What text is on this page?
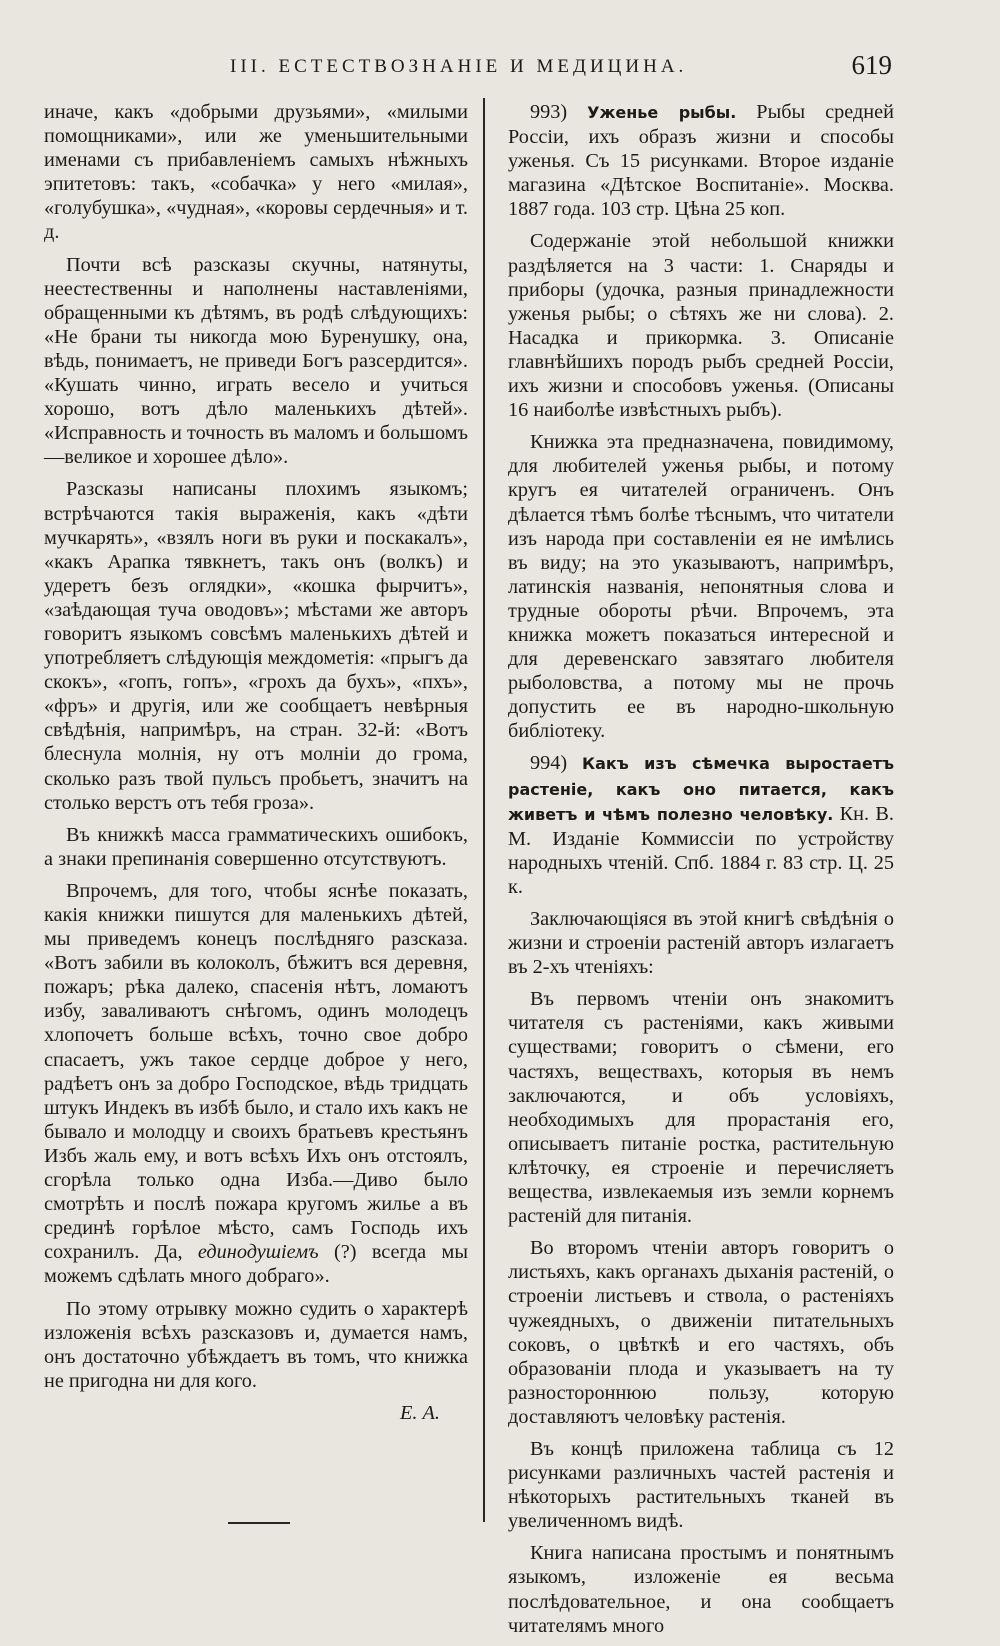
III. ЕСТЕСТВОЗНАНІЕ И МЕДИЦИНА.	619

иначе, какъ «добрыми друзьями», «милыми помощниками», или же уменьшительными именами съ прибавленіемъ самыхъ нѣжныхъ эпитетовъ: такъ, «собачка» у него «милая», «голубушка», «чудная», «коровы сердечныя» и т. д.

Почти всѣ разсказы скучны, натянуты, неестественны и наполнены наставленіями, обращенными къ дѣтямъ, въ родѣ слѣдующихъ: «Не брани ты никогда мою Буренушку, она, вѣдь, понимаетъ, не приведи Богъ разсердится». «Кушать чинно, играть весело и учиться хорошо, вотъ дѣло маленькихъ дѣтей». «Исправность и точность въ маломъ и большомъ—великое и хорошее дѣло».

Разсказы написаны плохимъ языкомъ; встрѣчаются такія выраженія, какъ «дѣти мучкарять», «взялъ ноги въ руки и поскакалъ», «какъ Арапка тявкнетъ, такъ онъ (волкъ) и удеретъ безъ оглядки», «кошка фырчитъ», «заѣдающая туча оводовъ»; мѣстами же авторъ говоритъ языкомъ совсѣмъ маленькихъ дѣтей и употребляетъ слѣдующія междометія: «прыгъ да скокъ», «гопъ, гопъ», «грохъ да бухъ», «пхъ», «фръ» и другія, или же сообщаетъ невѣрныя свѣдѣнія, напримѣръ, на стран. 32-й: «Вотъ блеснула молнія, ну отъ молніи до грома, сколько разъ твой пульсъ пробьетъ, значитъ на столько верстъ отъ тебя гроза».

Въ книжкѣ масса грамматическихъ ошибокъ, а знаки препинанія совершенно отсутствуютъ.

Впрочемъ, для того, чтобы яснѣе показать, какія книжки пишутся для маленькихъ дѣтей, мы приведемъ конецъ послѣдняго разсказа. «Вотъ забили въ колоколъ, бѣжитъ вся деревня, пожаръ; рѣка далеко, спасенія нѣтъ, ломаютъ избу, заваливаютъ снѣгомъ, одинъ молодецъ хлопочетъ больше всѣхъ, точно свое добро спасаетъ, ужъ такое сердце доброе у него, радѣетъ онъ за добро Господское, вѣдь тридцать штукъ Индекъ въ избѣ было, и стало ихъ какъ не бывало и молодцу и своихъ братьевъ крестьянъ Избъ жаль ему, и вотъ всѣхъ Ихъ онъ отстоялъ, сгорѣла только одна Изба.—Диво было смотрѣть и послѣ пожара кругомъ жилье а въ срединѣ горѣлое мѣсто, самъ Господь ихъ сохранилъ. Да, единодушіемъ (?) всегда мы можемъ сдѣлать много добраго».

По этому отрывку можно судить о характерѣ изложенія всѣхъ разсказовъ и, думается намъ, онъ достаточно убѣждаетъ въ томъ, что книжка не пригодна ни для кого.

Е. А.

993) Уженье рыбы. Рыбы средней Россіи, ихъ образъ жизни и способы уженья. Съ 15 рисунками. Второе изданіе магазина «Дѣтское Воспитаніе». Москва. 1887 года. 103 стр. Цѣна 25 коп.

Содержаніе этой небольшой книжки раздѣляется на 3 части: 1. Снаряды и приборы (удочка, разныя принадлежности уженья рыбы; о сѣтяхъ же ни слова). 2. Насадка и прикормка. 3. Описаніе главнѣйшихъ породъ рыбъ средней Россіи, ихъ жизни и способовъ уженья. (Описаны 16 наиболѣе извѣстныхъ рыбъ).

Книжка эта предназначена, повидимому, для любителей уженья рыбы, и потому кругъ ея читателей ограниченъ. Онъ дѣлается тѣмъ болѣе тѣснымъ, что читатели изъ народа при составленіи ея не имѣлись въ виду; на это указываютъ, напримѣръ, латинскія названія, непонятныя слова и трудные обороты рѣчи. Впрочемъ, эта книжка можетъ показаться интересной и для деревенскаго завзятаго любителя рыболовства, а потому мы не прочь допустить ее въ народно-школьную библіотеку.

994) Какъ изъ сѣмечка выростаетъ растеніе, какъ оно питается, какъ живетъ и чѣмъ полезно человѣку. Кн. В. М. Изданіе Коммиссіи по устройству народныхъ чтеній. Спб. 1884 г. 83 стр. Ц. 25 к.

Заключающіяся въ этой книгѣ свѣдѣнія о жизни и строеніи растеній авторъ излагаетъ въ 2-хъ чтеніяхъ:

Въ первомъ чтеніи онъ знакомитъ читателя съ растеніями, какъ живыми существами; говоритъ о сѣмени, его частяхъ, веществахъ, которыя въ немъ заключаются, и объ условіяхъ, необходимыхъ для прорастанія его, описываетъ питаніе ростка, растительную клѣточку, ея строеніе и перечисляетъ вещества, извлекаемыя изъ земли корнемъ растеній для питанія.

Во второмъ чтеніи авторъ говоритъ о листьяхъ, какъ органахъ дыханія растеній, о строеніи листьевъ и ствола, о растеніяхъ чужеядныхъ, о движеніи питательныхъ соковъ, о цвѣткѣ и его частяхъ, объ образованіи плода и указываетъ на ту разностороннюю пользу, которую доставляютъ человѣку растенія.

Въ концѣ приложена таблица съ 12 рисунками различныхъ частей растенія и нѣкоторыхъ растительныхъ тканей въ увеличенномъ видѣ.

Книга написана простымъ и понятнымъ языкомъ, изложеніе ея весьма послѣдовательное, и она сообщаетъ читателямъ много
